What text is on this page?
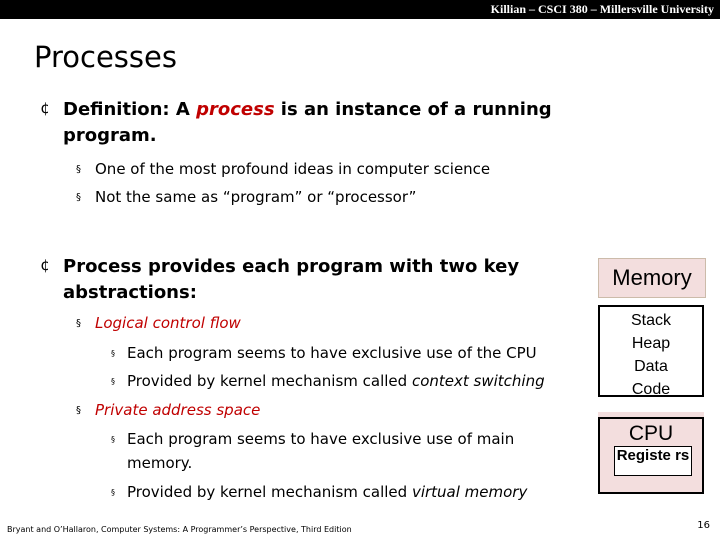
Killian – CSCI 380 – Millersville University
Processes
¢ Definition: A process is an instance of a running program.
§ One of the most profound ideas in computer science
§ Not the same as “program” or “processor”
¢ Process provides each program with two key abstractions:
§ Logical control flow
§ Each program seems to have exclusive use of the CPU
§ Provided by kernel mechanism called context switching
§ Private address space
§ Each program seems to have exclusive use of main memory.
§ Provided by kernel mechanism called virtual memory
Memory
Stack
Heap
Data
Code
CPU
Registe rs
Bryant and O’Hallaron, Computer Systems: A Programmer’s Perspective, Third Edition	16
